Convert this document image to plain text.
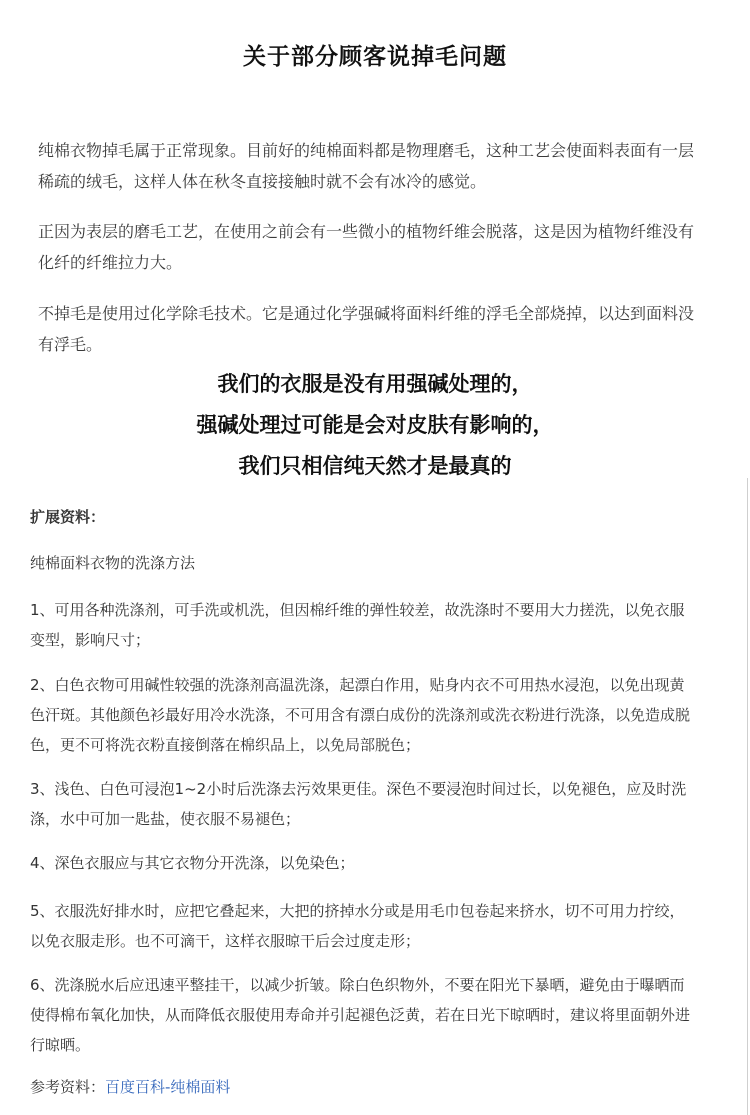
关于部分顾客说掉毛问题
纯棉衣物掉毛属于正常现象。目前好的纯棉面料都是物理磨毛，这种工艺会使面料表面有一层稀疏的绒毛，这样人体在秋冬直接接触时就不会有冰冷的感觉。
正因为表层的磨毛工艺，在使用之前会有一些微小的植物纤维会脱落，这是因为植物纤维没有化纤的纤维拉力大。
不掉毛是使用过化学除毛技术。它是通过化学强碱将面料纤维的浮毛全部烧掉，以达到面料没有浮毛。
我们的衣服是没有用强碱处理的，
强碱处理过可能是会对皮肤有影响的，
我们只相信纯天然才是最真的
扩展资料：
纯棉面料衣物的洗涤方法
1、可用各种洗涤剂，可手洗或机洗，但因棉纤维的弹性较差，故洗涤时不要用大力搓洗，以免衣服变型，影响尺寸；
2、白色衣物可用碱性较强的洗涤剂高温洗涤，起漂白作用，贴身内衣不可用热水浸泡，以免出现黄色汗斑。其他颜色衫最好用冷水洗涤，不可用含有漂白成份的洗涤剂或洗衣粉进行洗涤，以免造成脱色，更不可将洗衣粉直接倒落在棉织品上，以免局部脱色；
3、浅色、白色可浸泡1~2小时后洗涤去污效果更佳。深色不要浸泡时间过长，以免褪色，应及时洗涤，水中可加一匙盐，使衣服不易褪色；
4、深色衣服应与其它衣物分开洗涤，以免染色；
5、衣服洗好排水时，应把它叠起来，大把的挤掉水分或是用毛巾包卷起来挤水，切不可用力拧绞，以免衣服走形。也不可滴干，这样衣服晾干后会过度走形；
6、洗涤脱水后应迅速平整挂干，以减少折皱。除白色织物外，不要在阳光下暴晒，避免由于曝晒而使得棉布氧化加快，从而降低衣服使用寿命并引起褪色泛黄，若在日光下晾晒时，建议将里面朝外进行晾晒。
参考资料：百度百科-纯棉面料
